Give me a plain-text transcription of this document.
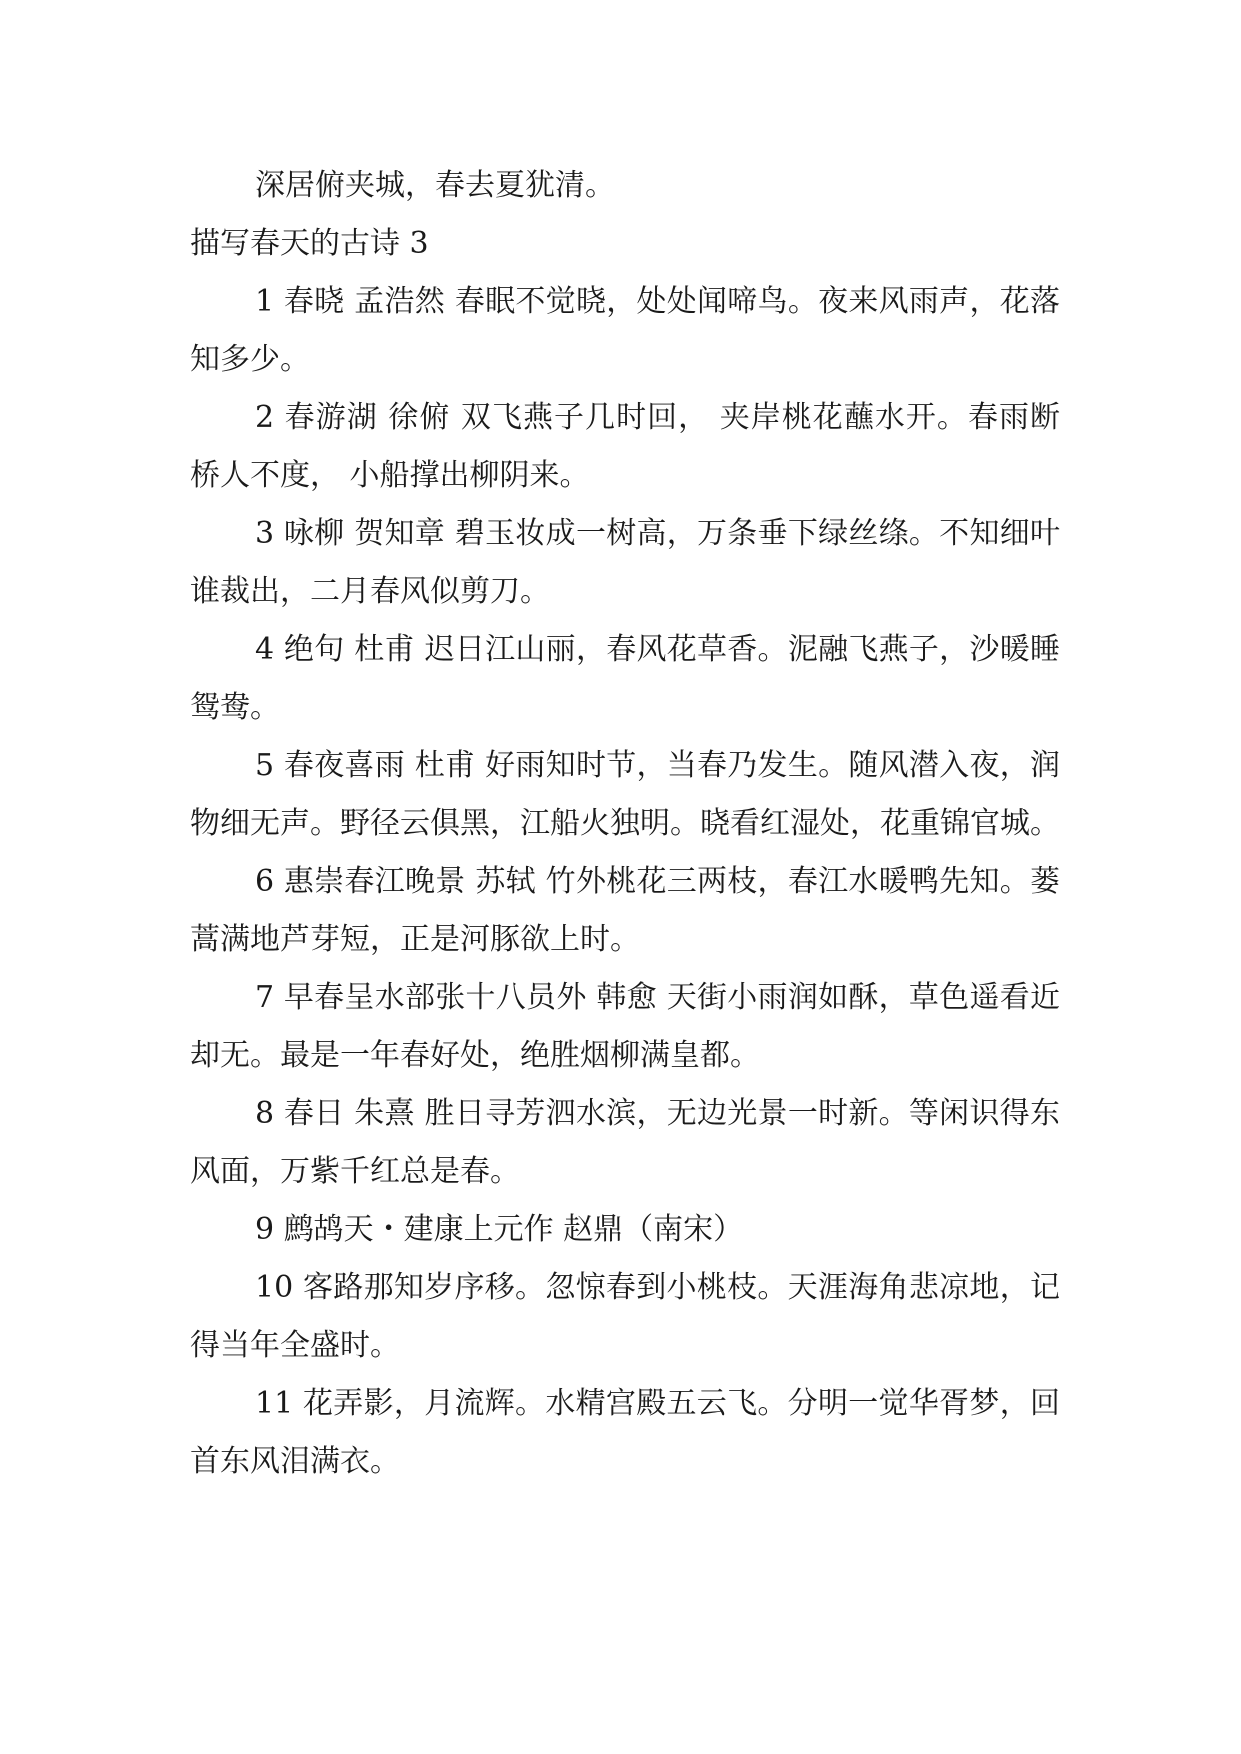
深居俯夹城，春去夏犹清。

描写春天的古诗 3

1 春晓 孟浩然 春眠不觉晓，处处闻啼鸟。夜来风雨声，花落知多少。

2 春游湖 徐俯 双飞燕子几时回， 夹岸桃花蘸水开。春雨断桥人不度， 小船撑出柳阴来。

3 咏柳 贺知章 碧玉妆成一树高，万条垂下绿丝绦。不知细叶谁裁出，二月春风似剪刀。

4 绝句 杜甫 迟日江山丽，春风花草香。泥融飞燕子，沙暖睡鸳鸯。

5 春夜喜雨 杜甫 好雨知时节，当春乃发生。随风潜入夜，润物细无声。野径云俱黑，江船火独明。晓看红湿处，花重锦官城。

6 惠崇春江晚景 苏轼 竹外桃花三两枝，春江水暖鸭先知。蒌蒿满地芦芽短，正是河豚欲上时。

7 早春呈水部张十八员外 韩愈 天街小雨润如酥，草色遥看近却无。最是一年春好处，绝胜烟柳满皇都。

8 春日 朱熹 胜日寻芳泗水滨，无边光景一时新。等闲识得东风面，万紫千红总是春。

9 鹧鸪天・建康上元作 赵鼎（南宋）

10 客路那知岁序移。忽惊春到小桃枝。天涯海角悲凉地，记得当年全盛时。

11 花弄影，月流辉。水精宫殿五云飞。分明一觉华胥梦，回首东风泪满衣。
